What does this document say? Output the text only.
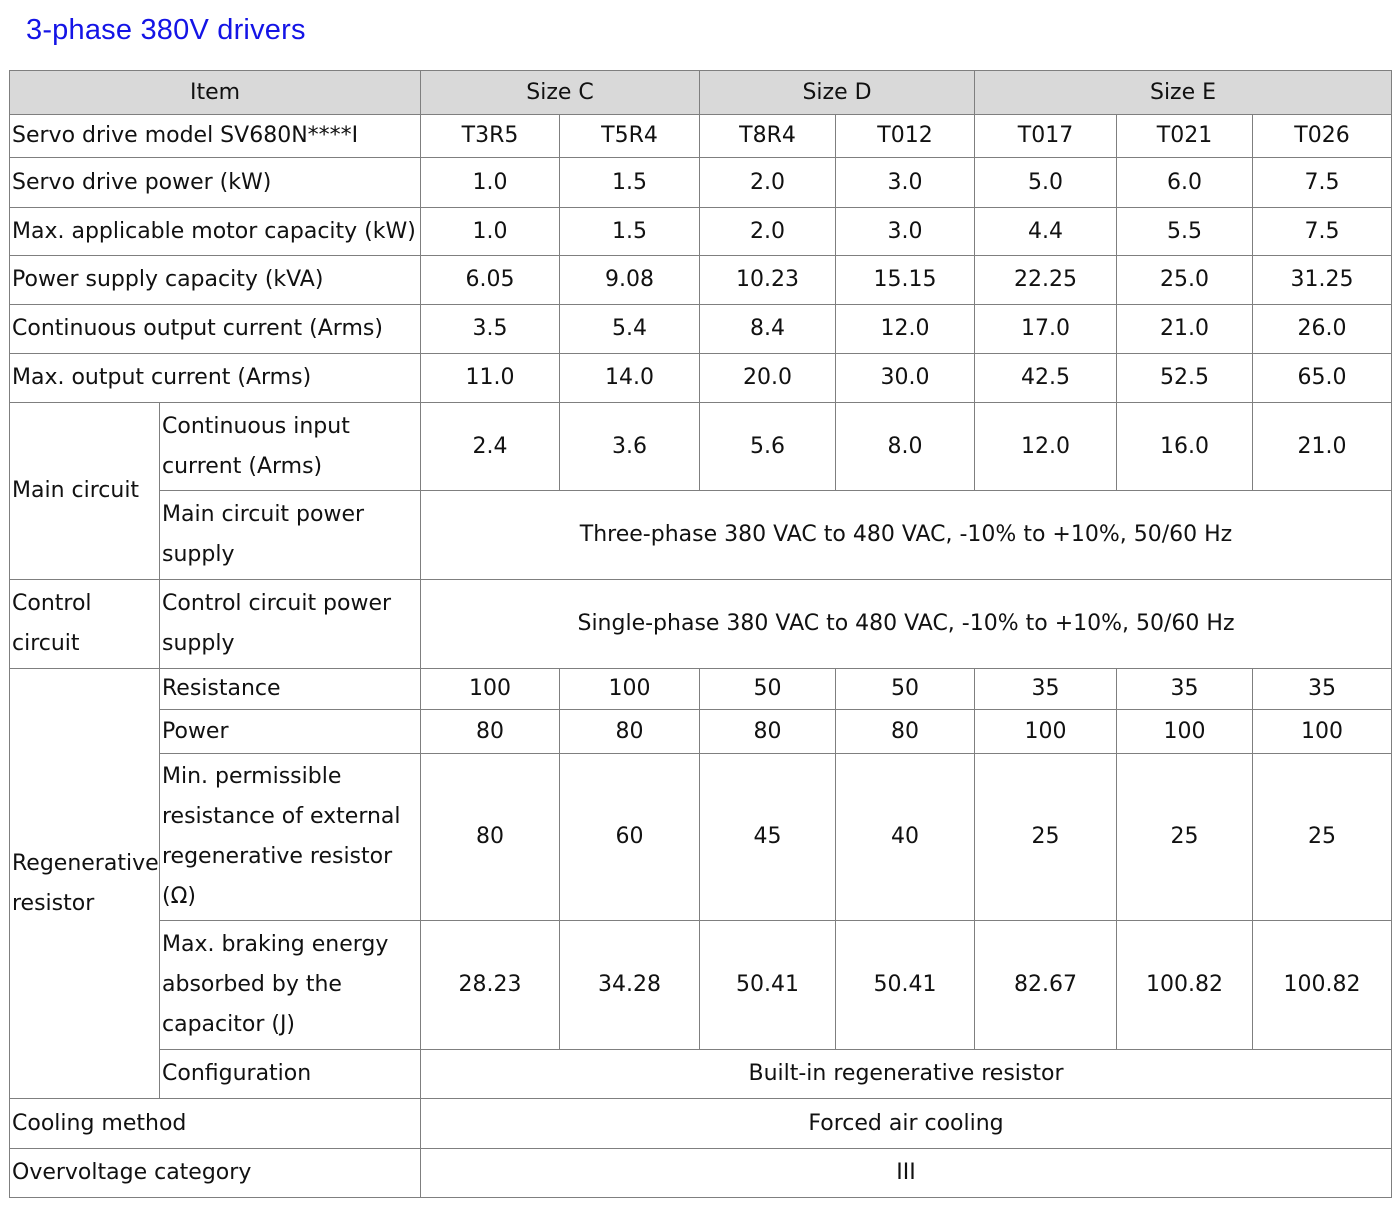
3-phase 380V drivers
Item		Size C		Size D		Size E		
Servo drive model SV680N****I		T3R5	T5R4	T8R4	T012	T017	T021	T026
Servo drive power (kW)		1.0	1.5	2.0	3.0	5.0	6.0	7.5
Max. applicable motor capacity (kW)		1.0	1.5	2.0	3.0	4.4	5.5	7.5
Power supply capacity (kVA)		6.05	9.08	10.23	15.15	22.25	25.0	31.25
Continuous output current (Arms)		3.5	5.4	8.4	12.0	17.0	21.0	26.0
Max. output current (Arms)		11.0	14.0	20.0	30.0	42.5	52.5	65.0
Main circuit	Continuous input current (Arms)	2.4	3.6	5.6	8.0	12.0	16.0	21.0
	Main circuit power supply	Three-phase 380 VAC to 480 VAC, -10% to +10%, 50/60 Hz						
Control circuit	Control circuit power supply	Single-phase 380 VAC to 480 VAC, -10% to +10%, 50/60 Hz						
Regenerative resistor	Resistance	100	100	50	50	35	35	35
	Power	80	80	80	80	100	100	100
	Min. permissible resistance of external regenerative resistor (Ω)	80	60	45	40	25	25	25
	Max. braking energy absorbed by the capacitor (J)	28.23	34.28	50.41	50.41	82.67	100.82	100.82
	Configuration	Built-in regenerative resistor						
Cooling method		Forced air cooling						
Overvoltage category		III						
